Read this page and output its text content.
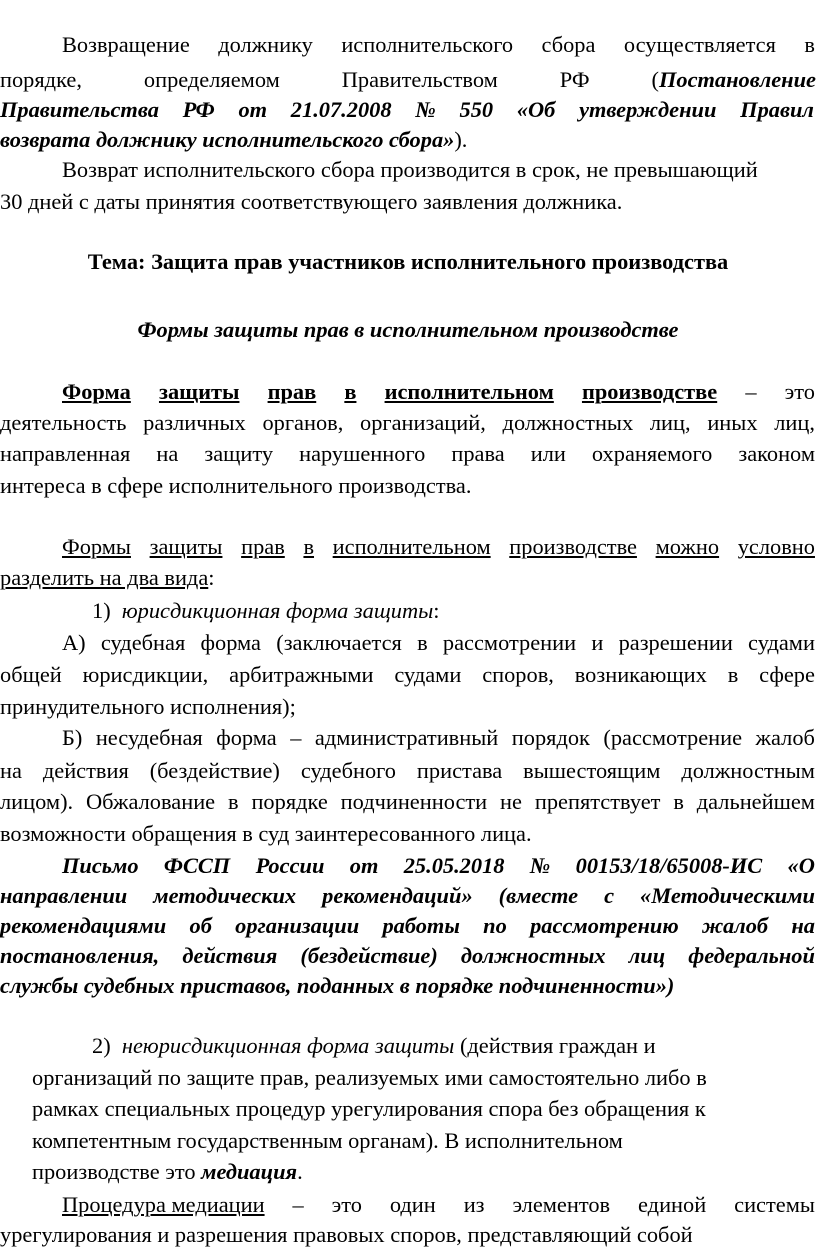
Возвращение должнику исполнительского сбора осуществляется в
порядке,	определяемом	Правительством	РФ	(Постановление
Правительства РФ от 21.07.2008 № 550 «Об утверждении Правил
возврата должнику исполнительского сбора»).
Возврат исполнительского сбора производится в срок, не превышающий
30 дней с даты принятия соответствующего заявления должника.
Тема: Защита прав участников исполнительного производства
Формы защиты прав в исполнительном производстве
Форма защиты прав в исполнительном производстве – это
деятельность различных органов, организаций, должностных лиц, иных лиц,
направленная на защиту нарушенного права или охраняемого законом
интереса в сфере исполнительного производства.
Формы защиты прав в исполнительном производстве можно условно
разделить на два вида:
1) юрисдикционная форма защиты:
А) судебная форма (заключается в рассмотрении и разрешении судами
общей юрисдикции, арбитражными судами споров, возникающих в сфере
принудительного исполнения);
Б) несудебная форма – административный порядок (рассмотрение жалоб
на действия (бездействие) судебного пристава вышестоящим должностным
лицом). Обжалование в порядке подчиненности не препятствует в дальнейшем
возможности обращения в суд заинтересованного лица.
Письмо ФССП России от 25.05.2018 № 00153/18/65008-ИС «О
направлении методических рекомендаций» (вместе с «Методическими
рекомендациями об организации работы по рассмотрению жалоб на
постановления, действия (бездействие) должностных лиц федеральной
службы судебных приставов, поданных в порядке подчиненности»)
2) неюрисдикционная форма защиты (действия граждан и
организаций по защите прав, реализуемых ими самостоятельно либо в
рамках специальных процедур урегулирования спора без обращения к
компетентным государственным органам). В исполнительном
производстве это медиация.
Процедура медиации – это один из элементов единой системы
урегулирования и разрешения правовых споров, представляющий собой
